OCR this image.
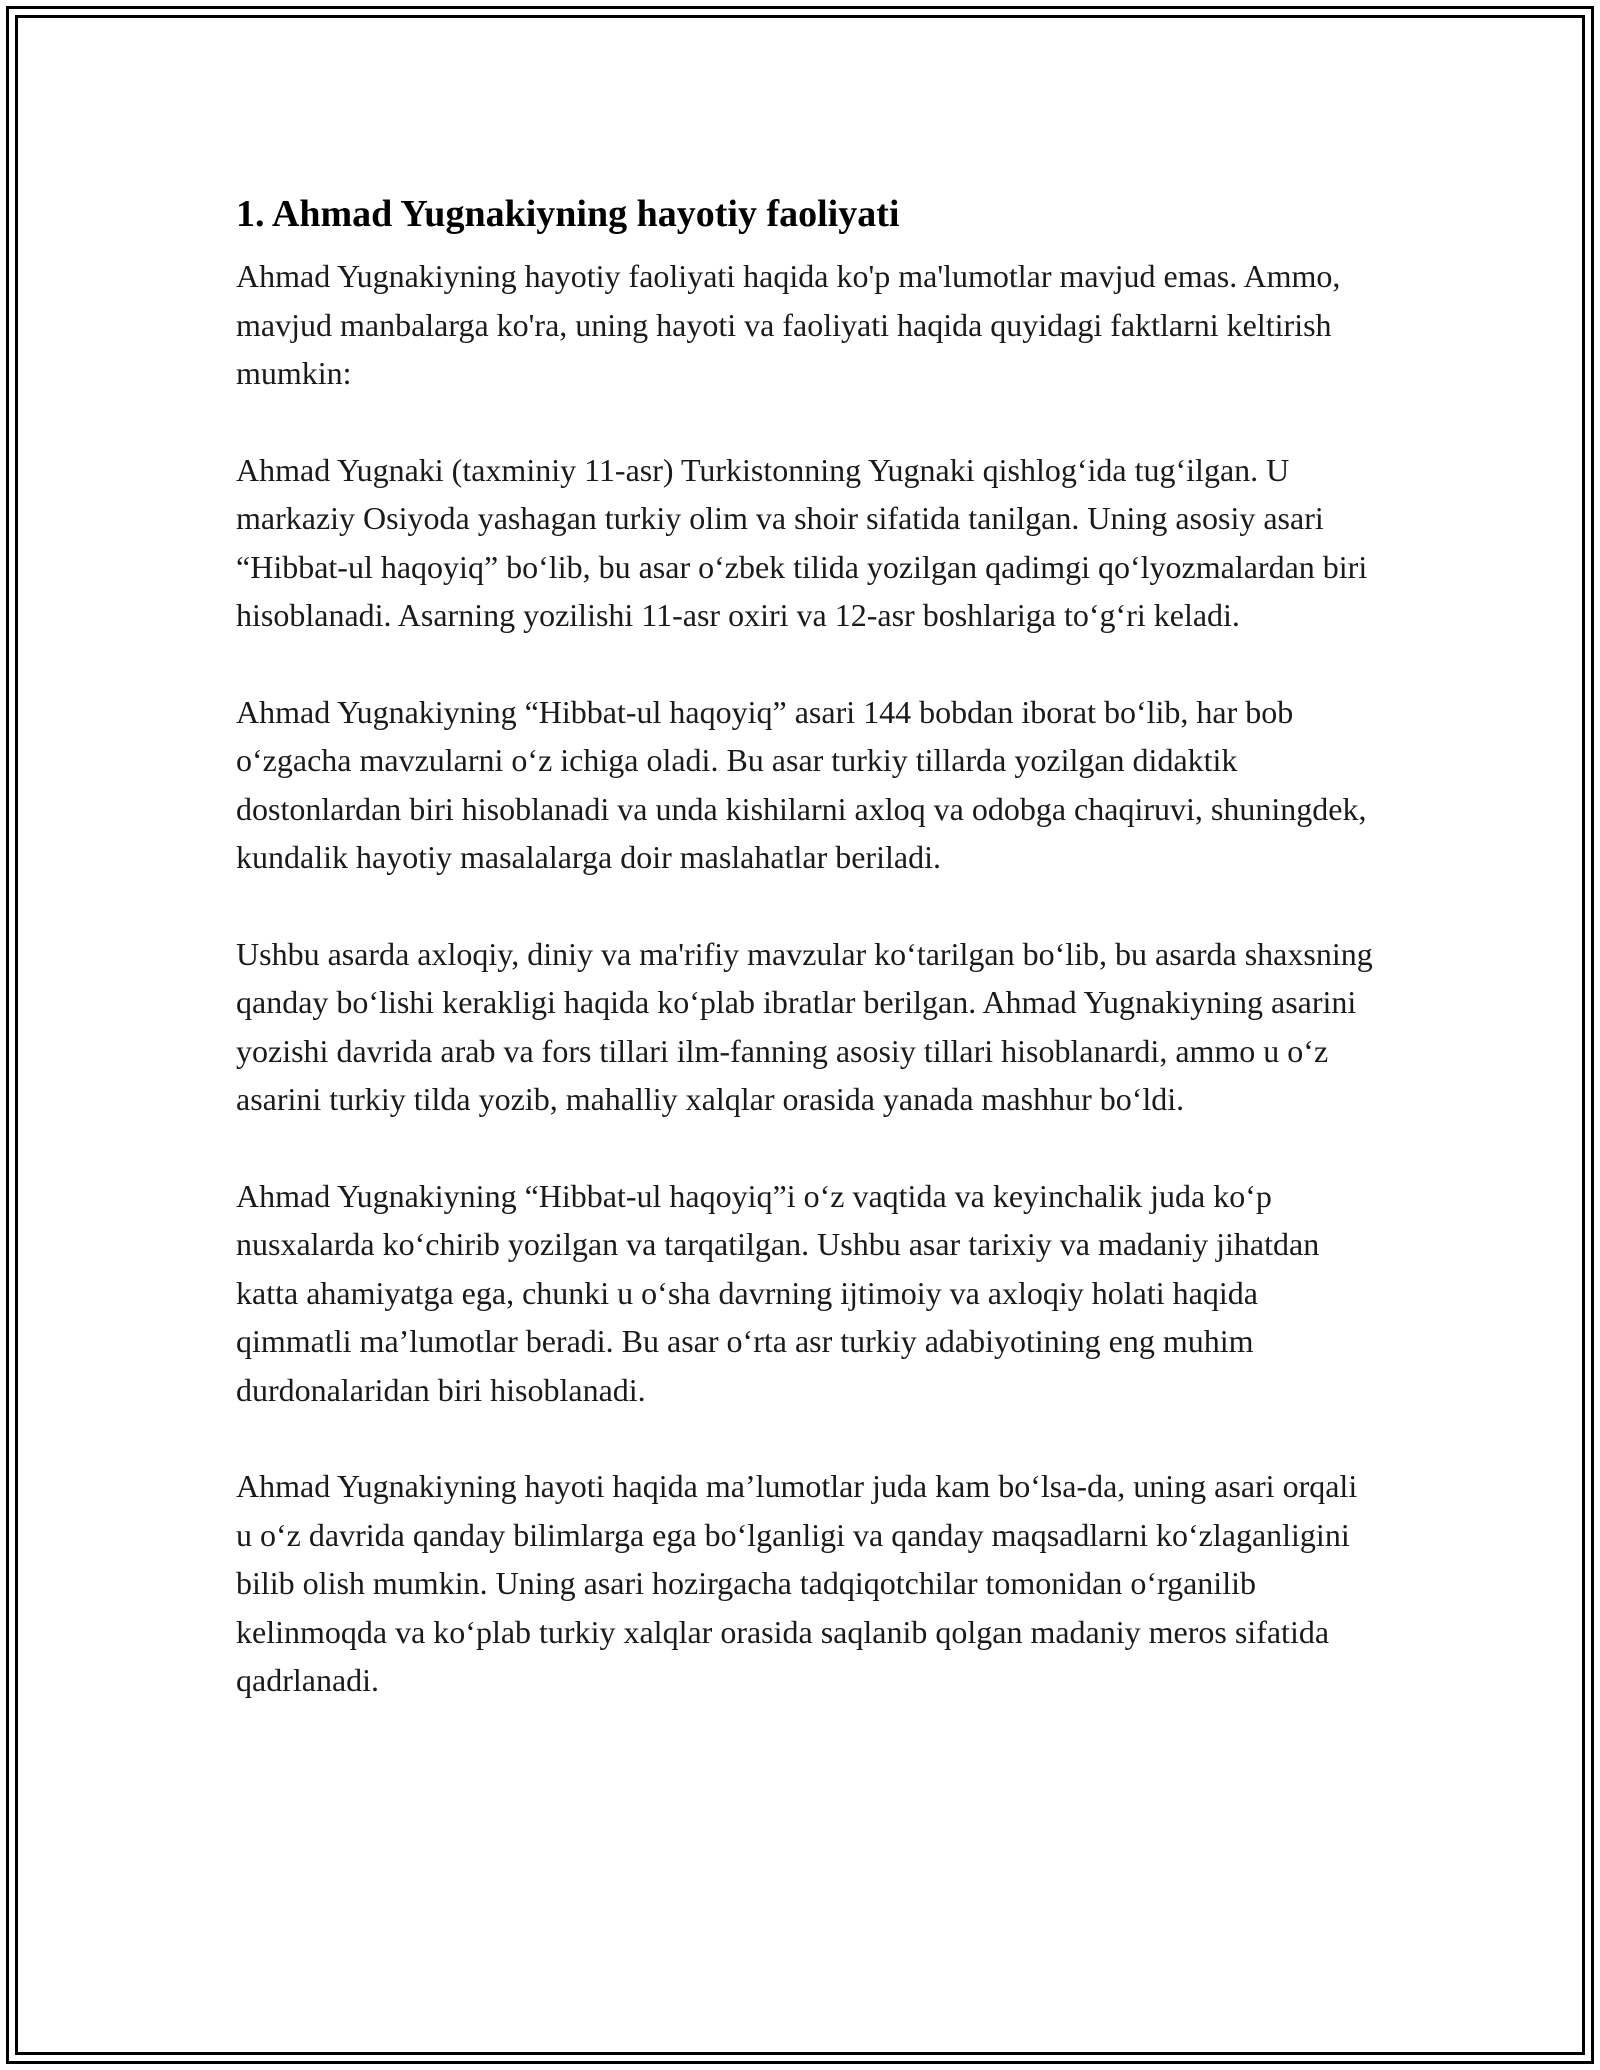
1. Ahmad Yugnakiyning hayotiy faoliyati

Ahmad Yugnakiyning hayotiy faoliyati haqida ko'p ma'lumotlar mavjud emas. Ammo, mavjud manbalarga ko'ra, uning hayoti va faoliyati haqida quyidagi faktlarni keltirish mumkin:

Ahmad Yugnaki (taxminiy 11-asr) Turkistonning Yugnaki qishlog‘ida tug‘ilgan. U markaziy Osiyoda yashagan turkiy olim va shoir sifatida tanilgan. Uning asosiy asari “Hibbat-ul haqoyiq” bo‘lib, bu asar o‘zbek tilida yozilgan qadimgi qo‘lyozmalardan biri hisoblanadi. Asarning yozilishi 11-asr oxiri va 12-asr boshlariga to‘g‘ri keladi.

Ahmad Yugnakiyning “Hibbat-ul haqoyiq” asari 144 bobdan iborat bo‘lib, har bob o‘zgacha mavzularni o‘z ichiga oladi. Bu asar turkiy tillarda yozilgan didaktik dostonlardan biri hisoblanadi va unda kishilarni axloq va odobga chaqiruvi, shuningdek, kundalik hayotiy masalalarga doir maslahatlar beriladi.

Ushbu asarda axloqiy, diniy va ma'rifiy mavzular ko‘tarilgan bo‘lib, bu asarda shaxsning qanday bo‘lishi kerakligi haqida ko‘plab ibratlar berilgan. Ahmad Yugnakiyning asarini yozishi davrida arab va fors tillari ilm-fanning asosiy tillari hisoblanardi, ammo u o‘z asarini turkiy tilda yozib, mahalliy xalqlar orasida yanada mashhur bo‘ldi.

Ahmad Yugnakiyning “Hibbat-ul haqoyiq”i o‘z vaqtida va keyinchalik juda ko‘p nusxalarda ko‘chirib yozilgan va tarqatilgan. Ushbu asar tarixiy va madaniy jihatdan katta ahamiyatga ega, chunki u o‘sha davrning ijtimoiy va axloqiy holati haqida qimmatli ma’lumotlar beradi. Bu asar o‘rta asr turkiy adabiyotining eng muhim durdonalaridan biri hisoblanadi.

Ahmad Yugnakiyning hayoti haqida ma’lumotlar juda kam bo‘lsa-da, uning asari orqali u o‘z davrida qanday bilimlarga ega bo‘lganligi va qanday maqsadlarni ko‘zlaganligini bilib olish mumkin. Uning asari hozirgacha tadqiqotchilar tomonidan o‘rganilib kelinmoqda va ko‘plab turkiy xalqlar orasida saqlanib qolgan madaniy meros sifatida qadrlanadi.
